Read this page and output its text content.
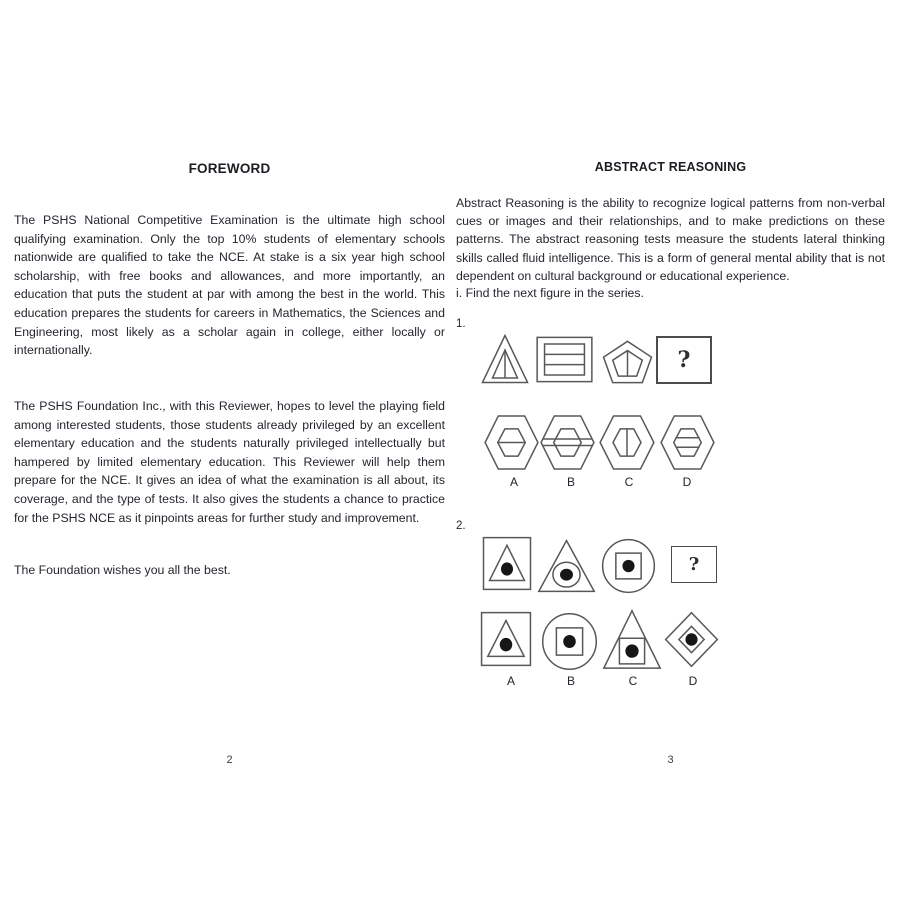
FOREWORD
The PSHS National Competitive Examination is the ultimate high school qualifying examination. Only the top 10% students of elementary schools nationwide are qualified to take the NCE. At stake is a six year high school scholarship, with free books and allowances, and more importantly, an education that puts the student at par with among the best in the world. This education prepares the students for careers in Mathematics, the Sciences and Engineering, most likely as a scholar again in college, either locally or internationally.
The PSHS Foundation Inc., with this Reviewer, hopes to level the playing field among interested students, those students already privileged by an excellent elementary education and the students naturally privileged intellectually but hampered by limited elementary education. This Reviewer will help them prepare for the NCE. It gives an idea of what the examination is all about, its coverage, and the type of tests. It also gives the students a chance to practice for the PSHS NCE as it pinpoints areas for further study and improvement.
The Foundation wishes you all the best.
2
ABSTRACT REASONING
Abstract Reasoning is the ability to recognize logical patterns from non-verbal cues or images and their relationships, and to make predictions on these patterns. The abstract reasoning tests measure the students lateral thinking skills called fluid intelligence. This is a form of general mental ability that is not dependent on cultural background or educational experience.
i. Find the next figure in the series.
1.
?
A	B	C	D
2.
?
A	B	C	D
3
